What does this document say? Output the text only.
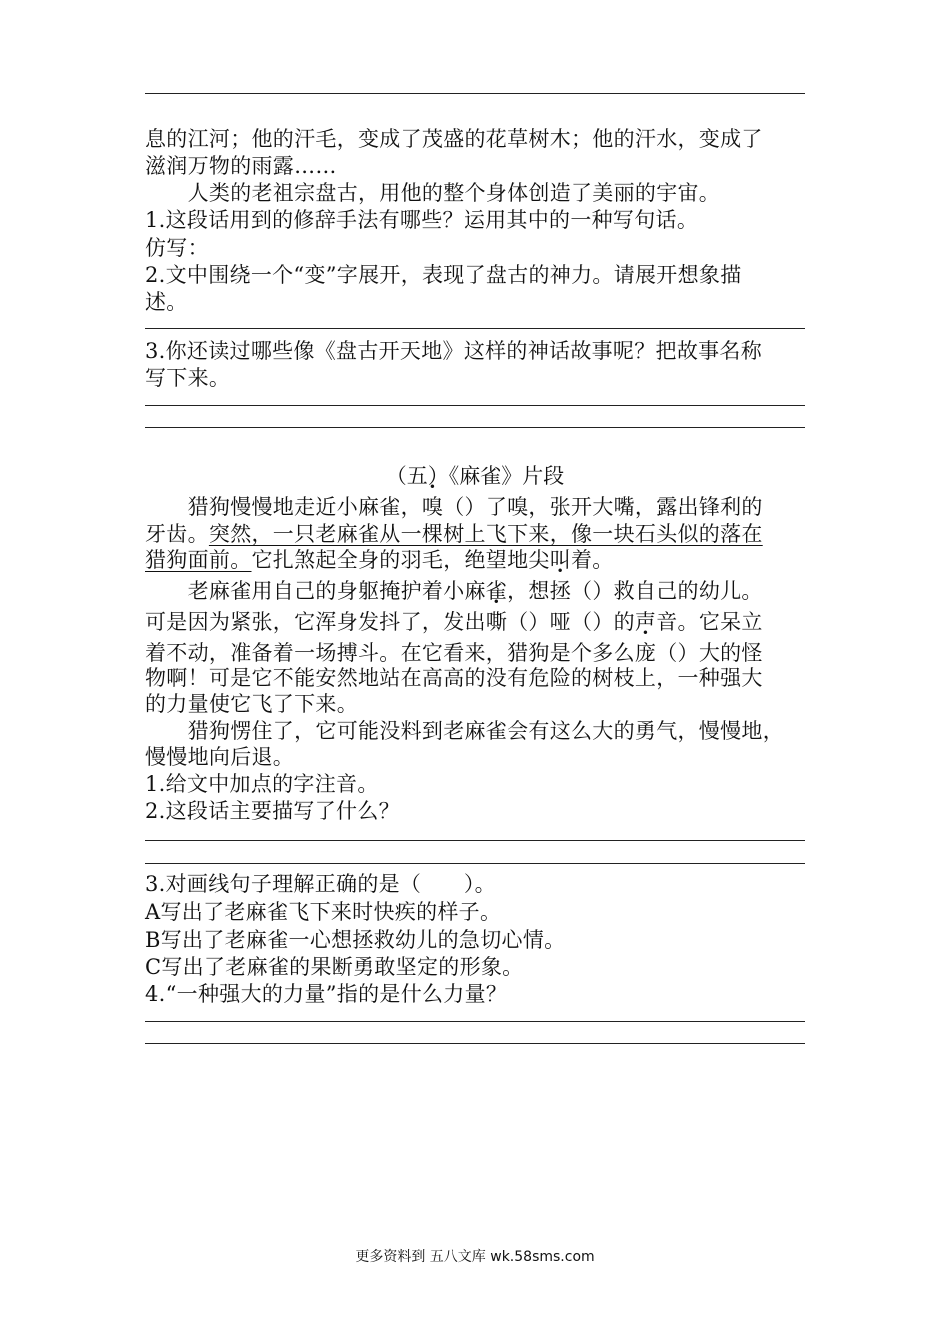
息的江河；他的汗毛，变成了茂盛的花草树木；他的汗水，变成了
滋润万物的雨露……
　　人类的老祖宗盘古，用他的整个身体创造了美丽的宇宙。
1.这段话用到的修辞手法有哪些？运用其中的一种写句话。
仿写：
2.文中围绕一个“变”字展开，表现了盘古的神力。请展开想象描
述。
3.你还读过哪些像《盘古开天地》这样的神话故事呢？把故事名称
写下来。
（五）《麻雀》片段
　　猎狗慢慢地走近小麻雀，嗅（）了嗅，张开大嘴，露出锋利的
牙齿。突然，一只老麻雀从一棵树上飞下来，像一块石头似的落在
猎狗面前。它扎煞起全身的羽毛，绝望地尖叫着。
　　老麻雀用自己的身躯掩护着小麻雀，想拯（）救自己的幼儿。
可是因为紧张，它浑身发抖了，发出嘶（）哑（）的声音。它呆立
着不动，准备着一场搏斗。在它看来，猎狗是个多么庞（）大的怪
物啊！可是它不能安然地站在高高的没有危险的树枝上，一种强大
的力量使它飞了下来。
　　猎狗愣住了，它可能没料到老麻雀会有这么大的勇气，慢慢地，
慢慢地向后退。
1.给文中加点的字注音。
2.这段话主要描写了什么？
3.对画线句子理解正确的是（　　）。
A写出了老麻雀飞下来时快疾的样子。
B写出了老麻雀一心想拯救幼儿的急切心情。
C写出了老麻雀的果断勇敢坚定的形象。
4.“一种强大的力量”指的是什么力量？
更多资料到 五八文库 wk.58sms.com
